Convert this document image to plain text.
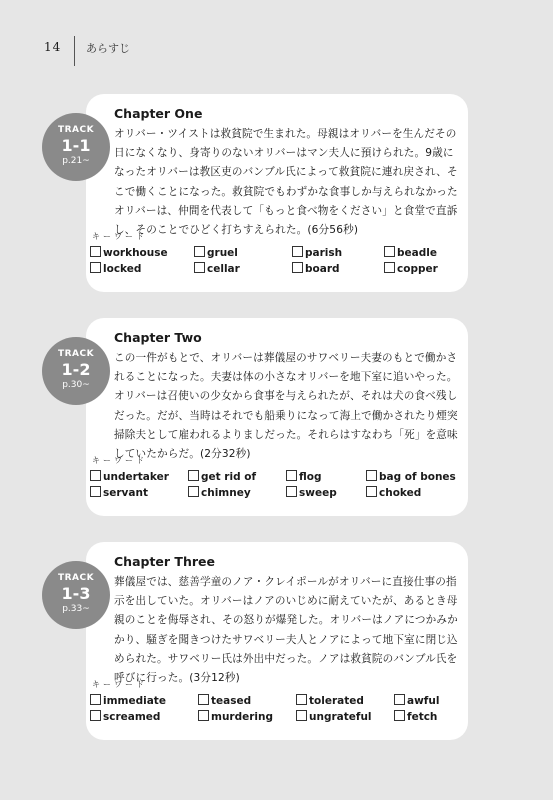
14 あらすじ
Chapter One
オリバー・ツイストは救貧院で生まれた。母親はオリバーを生んだその日になくなり、身寄りのないオリバーはマン夫人に預けられた。9歳になったオリバーは教区吏のバンブル氏によって救貧院に連れ戻され、そこで働くことになった。救貧院でもわずかな食事しか与えられなかったオリバーは、仲間を代表して「もっと食べ物をください」と食堂で直訴し、そのことでひどく打ちすえられた。(6分56秒)
キーワード
workhouse	gruel	parish	beadle
locked	cellar	board	copper
TRACK
1-1
p.21~
Chapter Two
この一件がもとで、オリバーは葬儀屋のサワベリー夫妻のもとで働かされることになった。夫妻は体の小さなオリバーを地下室に追いやった。オリバーは召使いの少女から食事を与えられたが、それは犬の食べ残しだった。だが、当時はそれでも船乗りになって海上で働かされたり煙突掃除夫として雇われるよりましだった。それらはすなわち「死」を意味していたからだ。(2分32秒)
キーワード
undertaker	get rid of	flog	bag of bones
servant	chimney	sweep	choked
TRACK
1-2
p.30~
Chapter Three
葬儀屋では、慈善学童のノア・クレイポールがオリバーに直接仕事の指示を出していた。オリバーはノアのいじめに耐えていたが、あるとき母親のことを侮辱され、その怒りが爆発した。オリバーはノアにつかみかかり、騒ぎを聞きつけたサワベリー夫人とノアによって地下室に閉じ込められた。サワベリー氏は外出中だった。ノアは救貧院のバンブル氏を呼びに行った。(3分12秒)
キーワード
immediate	teased	tolerated	awful
screamed	murdering	ungrateful	fetch
TRACK
1-3
p.33~
